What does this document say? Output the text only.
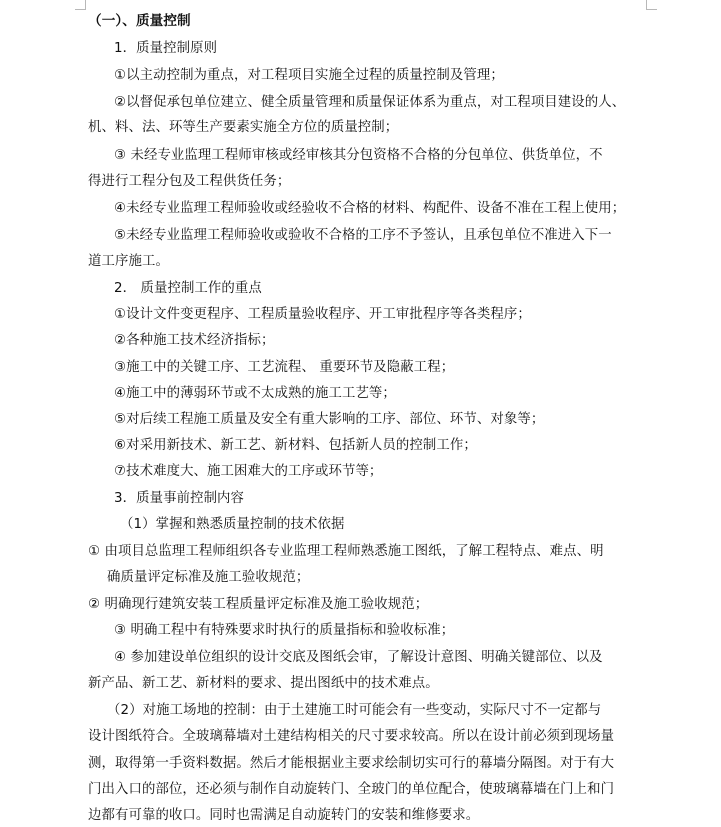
（一）、质量控制
1．质量控制原则
①以主动控制为重点，对工程项目实施全过程的质量控制及管理；
②以督促承包单位建立、健全质量管理和质量保证体系为重点，对工程项目建设的人、
机、料、法、环等生产要素实施全方位的质量控制；
③ 未经专业监理工程师审核或经审核其分包资格不合格的分包单位、供货单位，不
得进行工程分包及工程供货任务；
④未经专业监理工程师验收或经验收不合格的材料、构配件、设备不准在工程上使用；
⑤未经专业监理工程师验收或验收不合格的工序不予签认，且承包单位不准进入下一
道工序施工。
2． 质量控制工作的重点
①设计文件变更程序、工程质量验收程序、开工审批程序等各类程序；
②各种施工技术经济指标；
③施工中的关键工序、工艺流程、 重要环节及隐蔽工程；
④施工中的薄弱环节或不太成熟的施工工艺等；
⑤对后续工程施工质量及安全有重大影响的工序、部位、环节、对象等；
⑥对采用新技术、新工艺、新材料、包括新人员的控制工作；
⑦技术难度大、施工困难大的工序或环节等；
3．质量事前控制内容
（1）掌握和熟悉质量控制的技术依据
① 由项目总监理工程师组织各专业监理工程师熟悉施工图纸，了解工程特点、难点、明
确质量评定标准及施工验收规范；
② 明确现行建筑安装工程质量评定标准及施工验收规范；
③ 明确工程中有特殊要求时执行的质量指标和验收标准；
④ 参加建设单位组织的设计交底及图纸会审，了解设计意图、明确关键部位、以及
新产品、新工艺、新材料的要求、提出图纸中的技术难点。
（2）对施工场地的控制：由于土建施工时可能会有一些变动，实际尺寸不一定都与
设计图纸符合。全玻璃幕墙对土建结构相关的尺寸要求较高。所以在设计前必须到现场量
测，取得第一手资料数据。然后才能根据业主要求绘制切实可行的幕墙分隔图。对于有大
门出入口的部位，还必须与制作自动旋转门、全玻门的单位配合，使玻璃幕墙在门上和门
边都有可靠的收口。同时也需满足自动旋转门的安装和维修要求。
